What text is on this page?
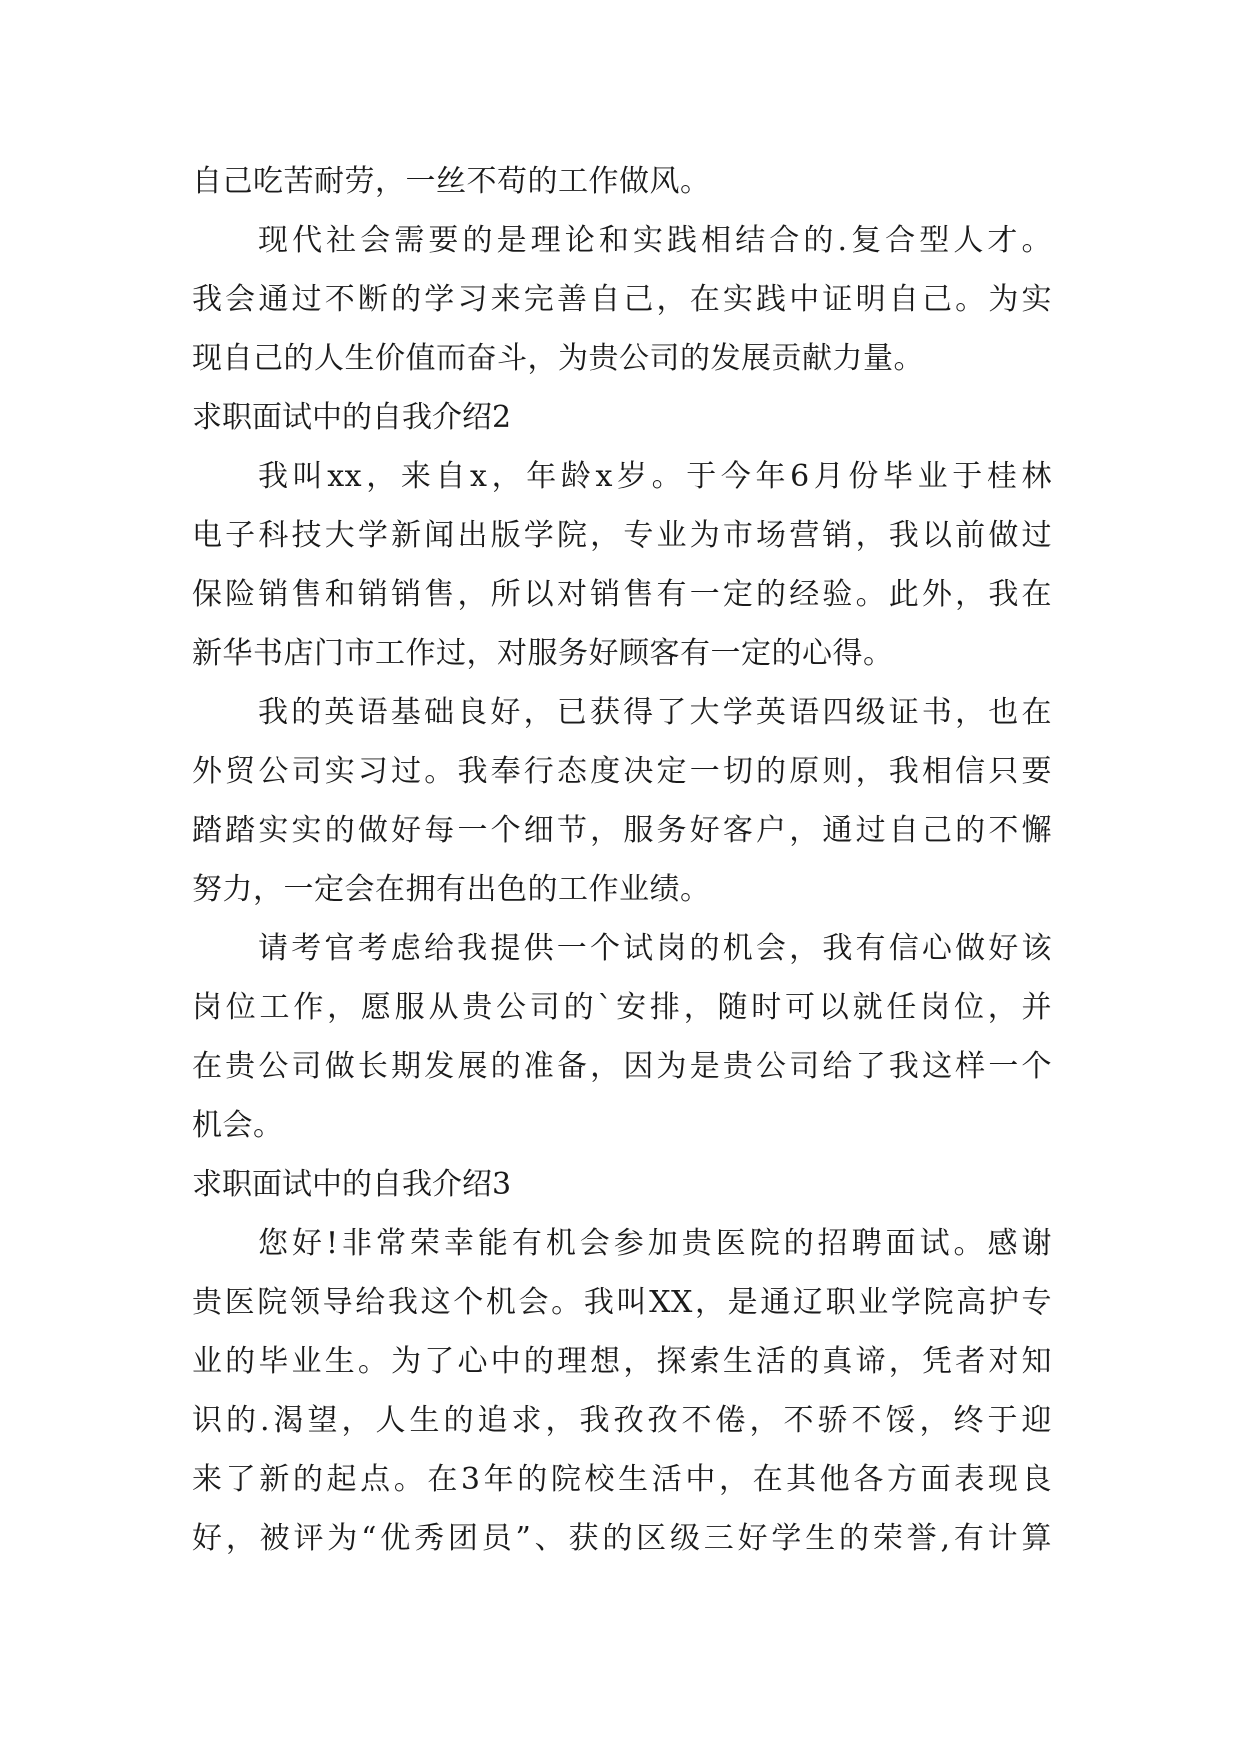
自己吃苦耐劳，一丝不苟的工作做风。
现代社会需要的是理论和实践相结合的.复合型人才。
我会通过不断的学习来完善自己，在实践中证明自己。为实
现自己的人生价值而奋斗，为贵公司的发展贡献力量。
求职面试中的自我介绍2
我叫xx，来自x，年龄x岁。于今年6月份毕业于桂林
电子科技大学新闻出版学院，专业为市场营销，我以前做过
保险销售和销销售，所以对销售有一定的经验。此外，我在
新华书店门市工作过，对服务好顾客有一定的心得。
我的英语基础良好，已获得了大学英语四级证书，也在
外贸公司实习过。我奉行态度决定一切的原则，我相信只要
踏踏实实的做好每一个细节，服务好客户，通过自己的不懈
努力，一定会在拥有出色的工作业绩。
请考官考虑给我提供一个试岗的机会，我有信心做好该
岗位工作，愿服从贵公司的`安排，随时可以就任岗位，并
在贵公司做长期发展的准备，因为是贵公司给了我这样一个
机会。
求职面试中的自我介绍3
您好!非常荣幸能有机会参加贵医院的招聘面试。感谢
贵医院领导给我这个机会。我叫XX，是通辽职业学院高护专
业的毕业生。为了心中的理想，探索生活的真谛，凭者对知
识的.渴望，人生的追求，我孜孜不倦，不骄不馁，终于迎
来了新的起点。在3年的院校生活中，在其他各方面表现良
好，被评为“优秀团员”、获的区级三好学生的荣誉,有计算
